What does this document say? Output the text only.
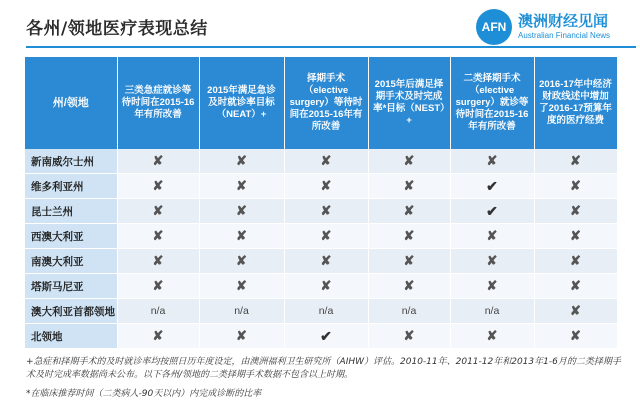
各州/领地医疗表现总结	AFN 澳洲财经见闻
Australian Financial News
州/领地	三类急症就诊等待时间在2015-16年有所改善	2015年满足急诊及时就诊率目标（NEAT）+	择期手术（elective surgery）等待时间在2015-16年有所改善	2015年后满足择期手术及时完成率*目标（NEST）+	二类择期手术（elective surgery）就诊等待时间在2015-16年有所改善	2016-17年中经济财政线述中增加了2016-17预算年度的医疗经费
新南威尔士州	✘	✘	✘	✘	✘	✘
维多利亚州	✘	✘	✘	✘	✔	✘
昆士兰州	✘	✘	✘	✘	✔	✘
西澳大利亚	✘	✘	✘	✘	✘	✘
南澳大利亚	✘	✘	✘	✘	✘	✘
塔斯马尼亚	✘	✘	✘	✘	✘	✘
澳大利亚首都领地	n/a	n/a	n/a	n/a	n/a	✘
北领地	✘	✘	✔	✘	✘	✘
+急症和择期手术的及时就诊率均按照日历年度设定，由澳洲福利卫生研究所（AIHW）评估。2010-11年、2011-12年和2013年1-6月的二类择期手术及时完成率数据尚未公布。以下各州/领地的二类择期手术数据不包含以上时期。
*在临床推荐时间（二类病人-90天以内）内完成诊断的比率
